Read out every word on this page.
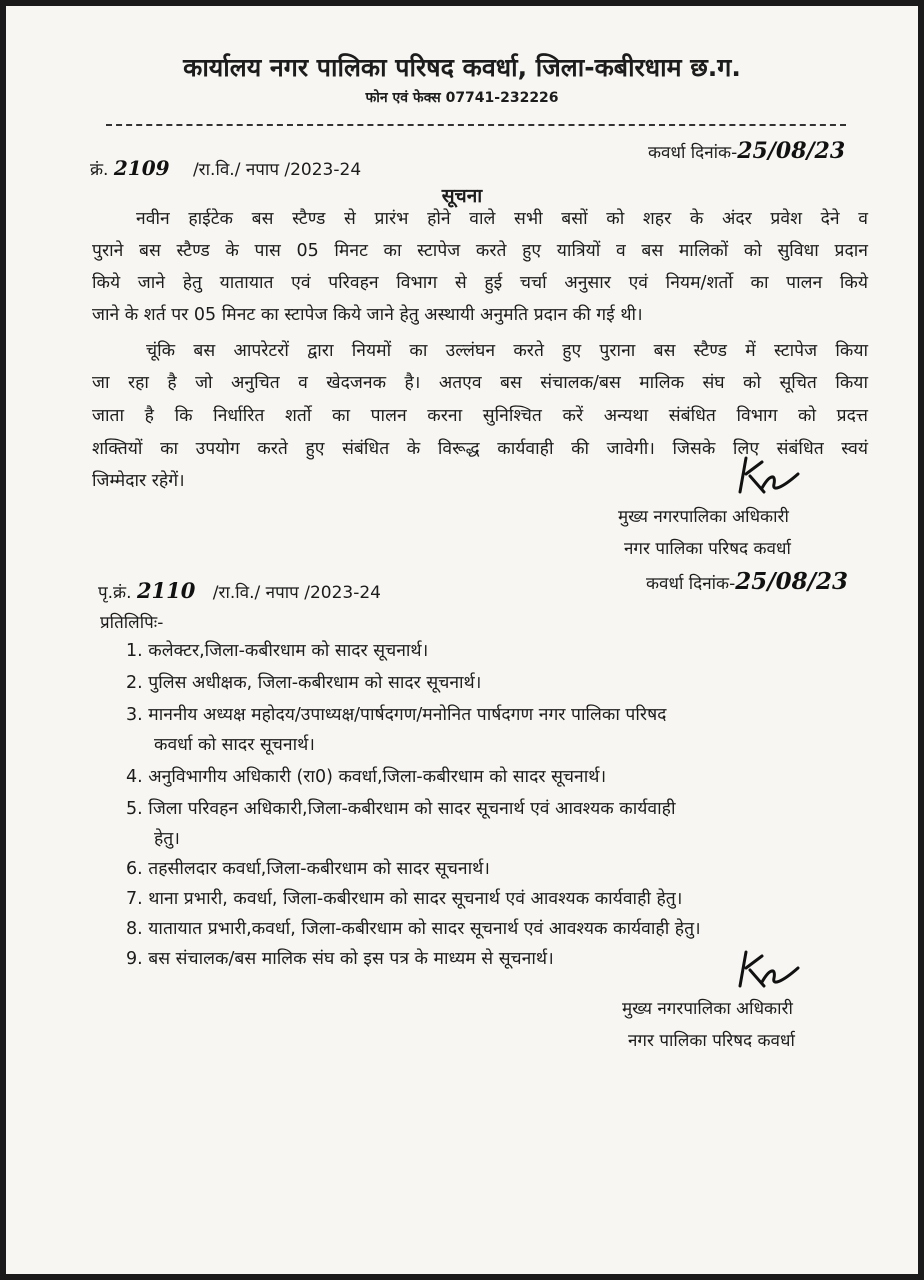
कार्यालय नगर पालिका परिषद कवर्धा, जिला-कबीरधाम छ.ग.
फोन एवं फेक्स 07741-232226
क्रं. 2109 /रा.वि./ नपाप /2023-24
कवर्धा दिनांक-25/08/23
सूचना
नवीन हाईटेक बस स्टैण्ड से प्रारंभ होने वाले सभी बसों को शहर के अंदर प्रवेश देने व
पुराने बस स्टैण्ड के पास 05 मिनट का स्टापेज करते हुए यात्रियों व बस मालिकों को सुविधा प्रदान
किये जाने हेतु यातायात एवं परिवहन विभाग से हुई चर्चा अनुसार एवं नियम/शर्तो का पालन किये
जाने के शर्त पर 05 मिनट का स्टापेज किये जाने हेतु अस्थायी अनुमति प्रदान की गई थी।
चूंकि बस आपरेटरों द्वारा नियमों का उल्लंघन करते हुए पुराना बस स्टैण्ड में स्टापेज किया
जा रहा है जो अनुचित व खेदजनक है। अतएव बस संचालक/बस मालिक संघ को सूचित किया
जाता है कि निर्धारित शर्तो का पालन करना सुनिश्चित करें अन्यथा संबंधित विभाग को प्रदत्त
शक्तियों का उपयोग करते हुए संबंधित के विरूद्ध कार्यवाही की जावेगी। जिसके लिए संबंधित स्वयं
जिम्मेदार रहेगें।
मुख्य नगरपालिका अधिकारी
नगर पालिका परिषद कवर्धा
पृ.क्रं. 2110 /रा.वि./ नपाप /2023-24	कवर्धा दिनांक-25/08/23
प्रतिलिपिः-
1. कलेक्टर,जिला-कबीरधाम को सादर सूचनार्थ।
2. पुलिस अधीक्षक, जिला-कबीरधाम को सादर सूचनार्थ।
3. माननीय अध्यक्ष महोदय/उपाध्यक्ष/पार्षदगण/मनोनित पार्षदगण नगर पालिका परिषद
कवर्धा को सादर सूचनार्थ।
4. अनुविभागीय अधिकारी (रा0) कवर्धा,जिला-कबीरधाम को सादर सूचनार्थ।
5. जिला परिवहन अधिकारी,जिला-कबीरधाम को सादर सूचनार्थ एवं आवश्यक कार्यवाही
हेतु।
6. तहसीलदार कवर्धा,जिला-कबीरधाम को सादर सूचनार्थ।
7. थाना प्रभारी, कवर्धा, जिला-कबीरधाम को सादर सूचनार्थ एवं आवश्यक कार्यवाही हेतु।
8. यातायात प्रभारी,कवर्धा, जिला-कबीरधाम को सादर सूचनार्थ एवं आवश्यक कार्यवाही हेतु।
9. बस संचालक/बस मालिक संघ को इस पत्र के माध्यम से सूचनार्थ।
मुख्य नगरपालिका अधिकारी
नगर पालिका परिषद कवर्धा
